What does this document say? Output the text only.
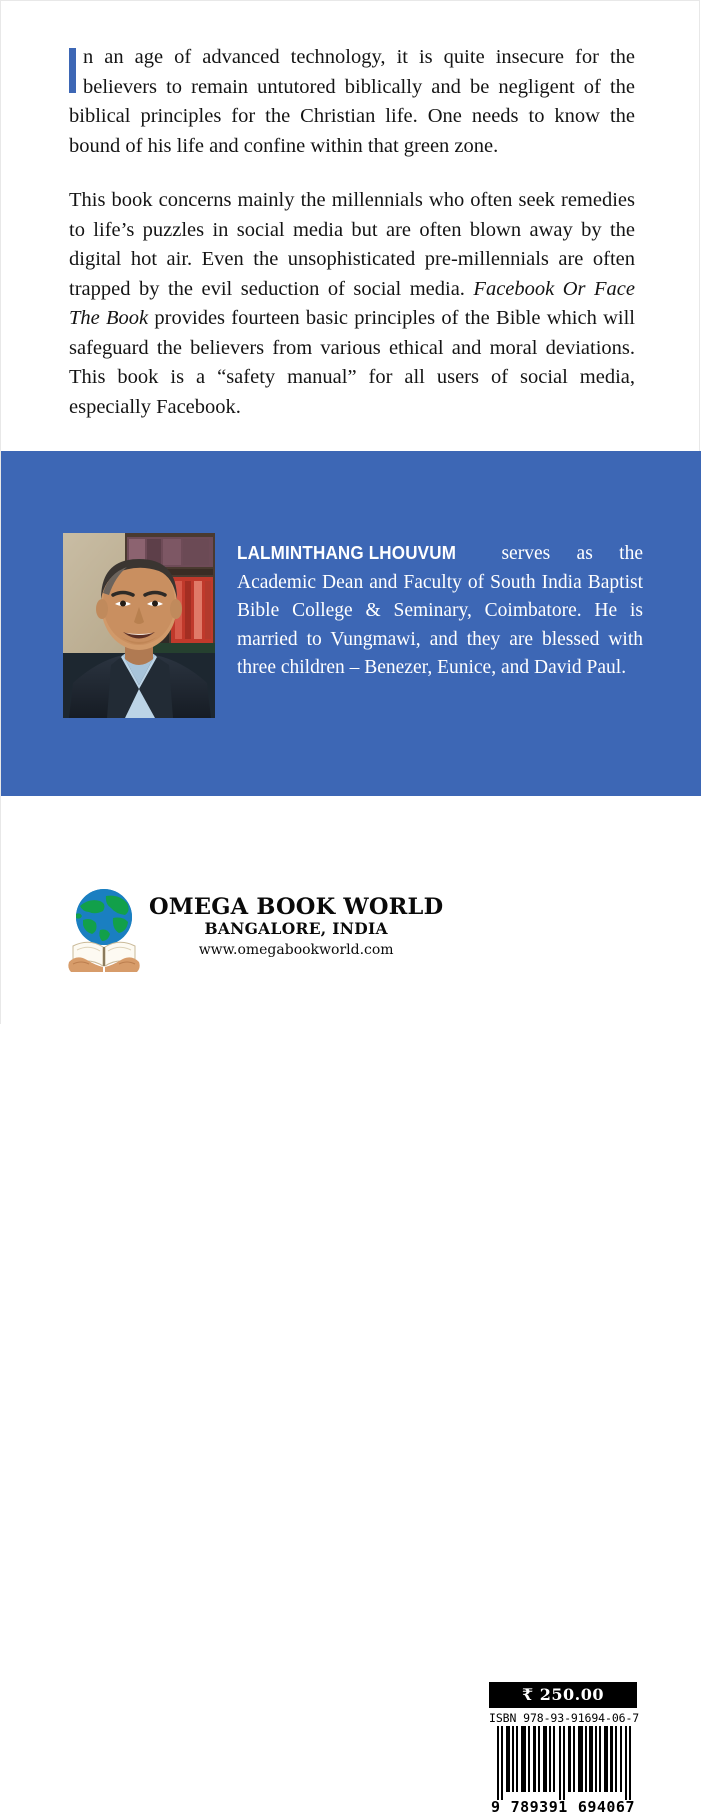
n an age of advanced technology, it is quite insecure for the believers to remain untutored biblically and be negligent of the biblical principles for the Christian life. One needs to know the bound of his life and confine within that green zone.

This book concerns mainly the millennials who often seek remedies to life’s puzzles in social media but are often blown away by the digital hot air. Even the unsophisticated pre-millennials are often trapped by the evil seduction of social media. Facebook Or Face The Book provides fourteen basic principles of the Bible which will safeguard the believers from various ethical and moral deviations. This book is a “safety manual” for all users of social media, especially Facebook.

LALMINTHANG LHOUVUM serves as the Academic Dean and Faculty of South India Baptist Bible College & Seminary, Coimbatore. He is married to Vungmawi, and they are blessed with three children – Benezer, Eunice, and David Paul.
OMEGA BOOK WORLD
BANGALORE, INDIA
www.omegabookworld.com
₹ 250.00
ISBN 978-93-91694-06-7
9 789391 694067
